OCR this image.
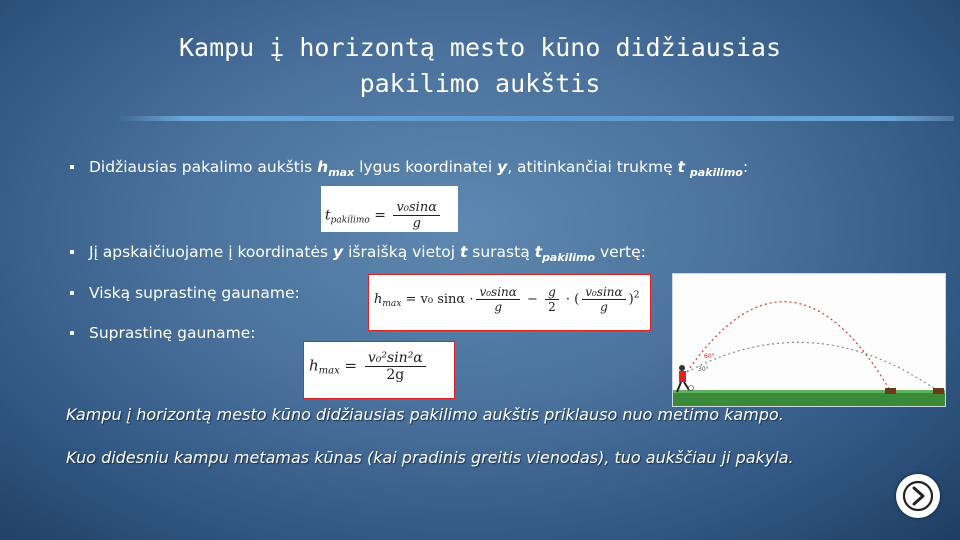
Kampu į horizontą mesto kūno didžiausias
pakilimo aukštis
Didžiausias pakalimo aukštis $h_{max}$ lygus koordinatei y, atitinkančiai trukmę t $_{pakilimo}$:
$t_{pakilimo} = \frac{\text{v₀sinα}}{g}$
Jį apskaičiuojame į koordinatės y išraišką vietoj t surastą $t_{pakilimo}$ vertę:
Viską suprastinę gauname:	$h_{max} = v_0$ $\sin\alpha \cdot \frac{\text{v₀sinα}}{g} - \frac{g}{2}$ · ( $\frac{\text{v₀sinα}}{g} )^2$
Suprastinę gauname:
$h_{max} = \frac{\text{v₀²sin²α}}{2g}$	60°
30°
Kampu į horizontą mesto kūno didžiausias pakilimo aukštis priklauso nuo metimo kampo.
Kuo didesniu kampu metamas kūnas (kai pradinis greitis vienodas), tuo aukščiau ji pakyla.
